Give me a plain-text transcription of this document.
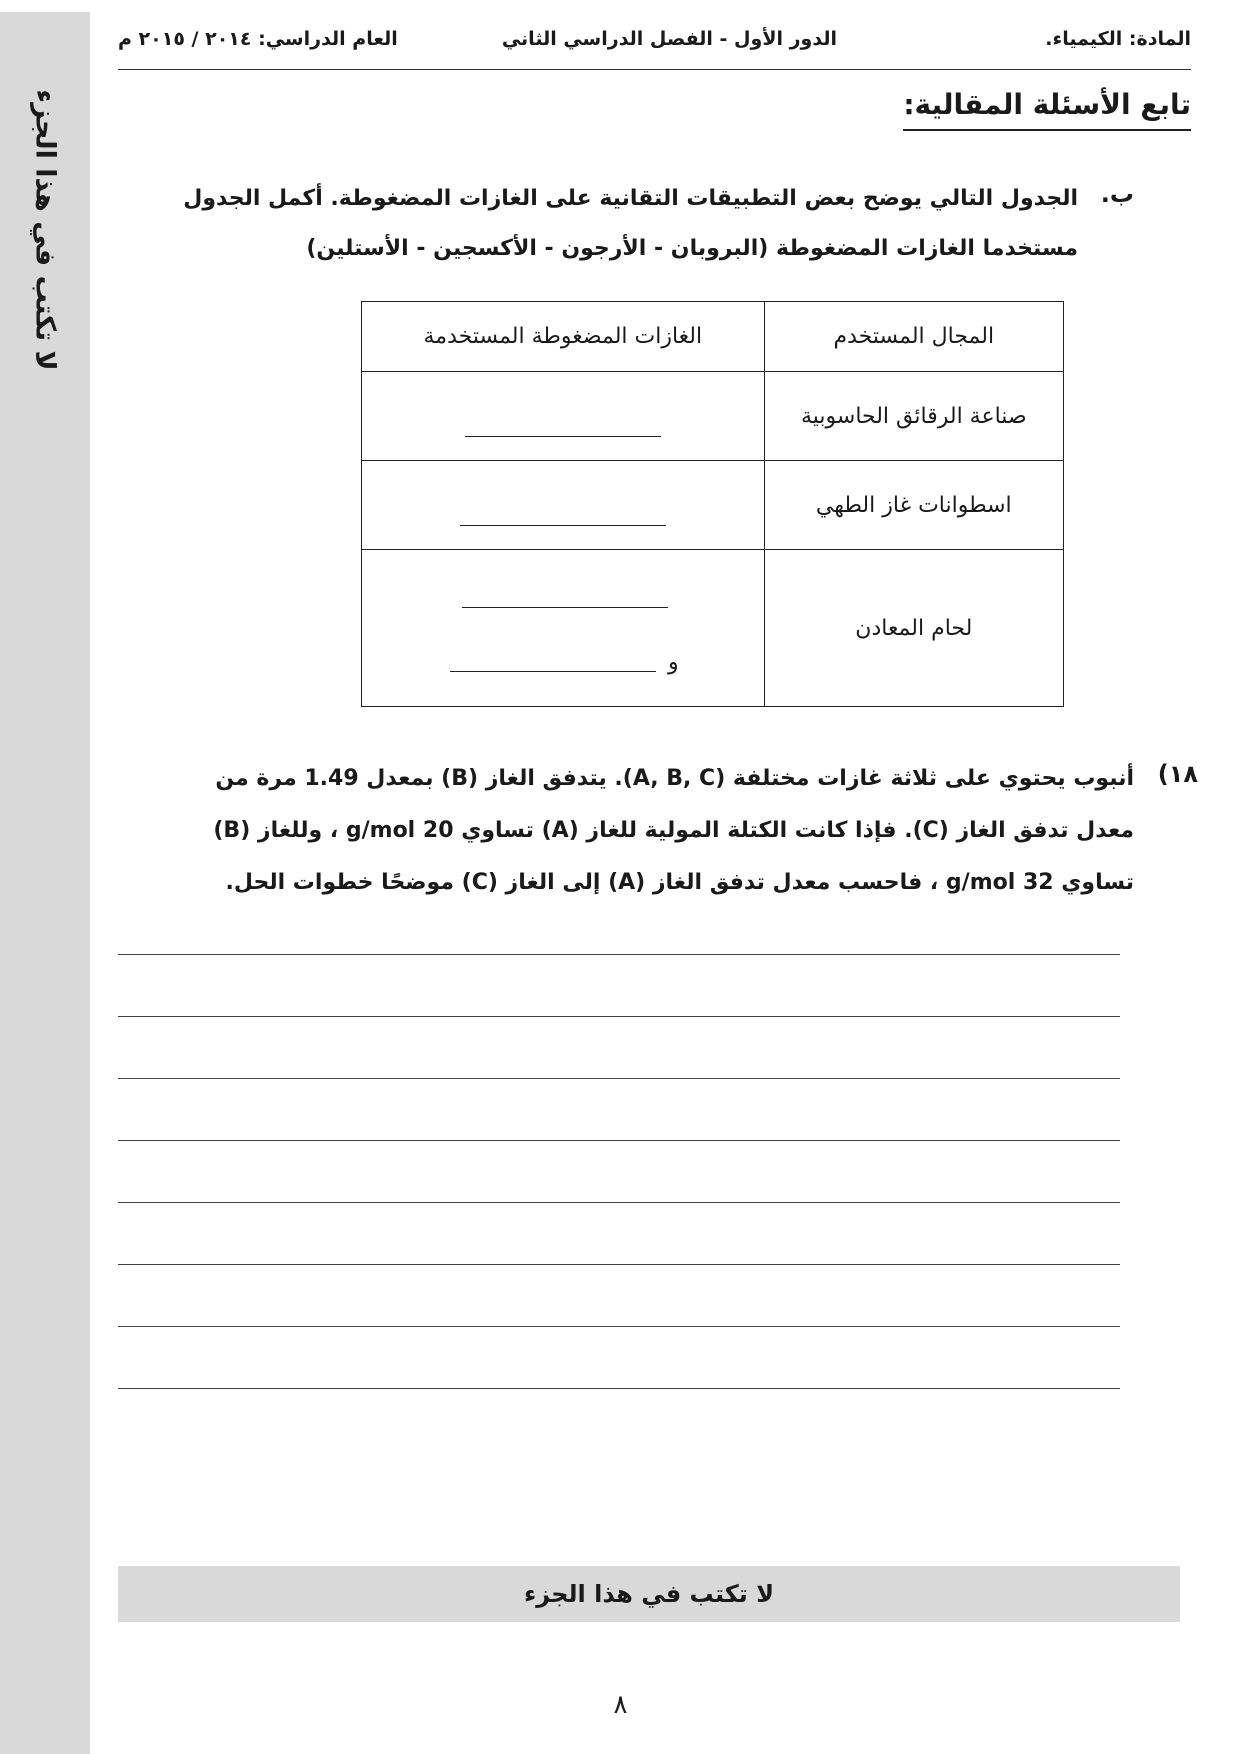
لا تكتب في هذا الجزء
المادة: الكيمياء.
الدور الأول - الفصل الدراسي الثاني
العام الدراسي: ٢٠١٤ / ٢٠١٥ م
تابع الأسئلة المقالية:
ب.
الجدول التالي يوضح بعض التطبيقات التقانية على الغازات المضغوطة. أكمل الجدول
مستخدما الغازات المضغوطة (البروبان - الأرجون - الأكسجين - الأستلين)
المجال المستخدم	الغازات المضغوطة المستخدمة
صناعة الرقائق الحاسوبية	
اسطوانات غاز الطهي	
لحام المعادن	و
١٨)
أنبوب يحتوي على ثلاثة غازات مختلفة (A, B, C). يتدفق الغاز (B) بمعدل 1.49 مرة من
معدل تدفق الغاز (C). فإذا كانت الكتلة المولية للغاز (A) تساوي 20 g/mol ، وللغاز (B)
تساوي 32 g/mol ، فاحسب معدل تدفق الغاز (A) إلى الغاز (C) موضحًا خطوات الحل.
لا تكتب في هذا الجزء
٨
